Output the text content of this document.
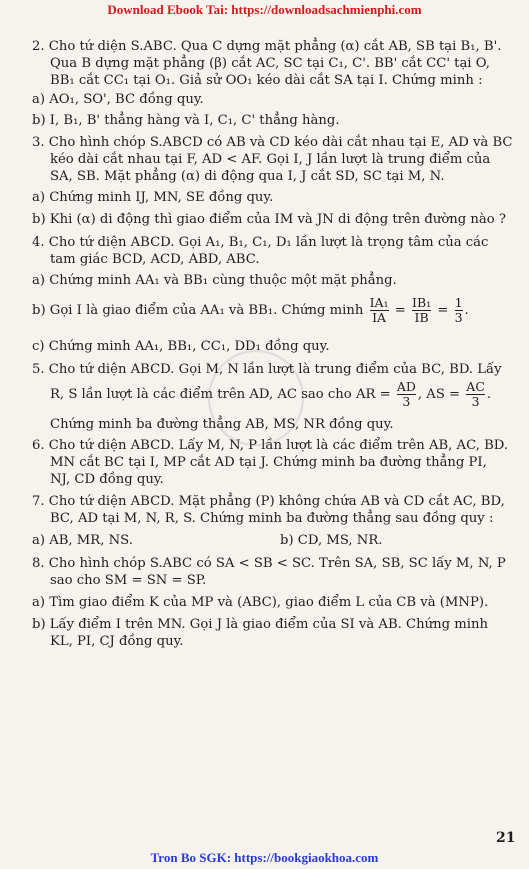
Download Ebook Tai: https://downloadsachmienphi.com
2. Cho tứ diện S.ABC. Qua C dựng mặt phẳng (α) cắt AB, SB tại B₁, B'.
Qua B dựng mặt phẳng (β) cắt AC, SC tại C₁, C'. BB' cắt CC' tại O,
BB₁ cắt CC₁ tại O₁. Giả sử OO₁ kéo dài cắt SA tại I. Chứng minh :
a) AO₁, SO', BC đồng quy.
b) I, B₁, B' thẳng hàng và I, C₁, C' thẳng hàng.
3. Cho hình chóp S.ABCD có AB và CD kéo dài cắt nhau tại E, AD và BC
kéo dài cắt nhau tại F, AD < AF. Gọi I, J lần lượt là trung điểm của
SA, SB. Mặt phẳng (α) di động qua I, J cắt SD, SC tại M, N.
a) Chứng minh IJ, MN, SE đồng quy.
b) Khi (α) di động thì giao điểm của IM và JN di động trên đường nào ?
4. Cho tứ diện ABCD. Gọi A₁, B₁, C₁, D₁ lần lượt là trọng tâm của các
tam giác BCD, ACD, ABD, ABC.
a) Chứng minh AA₁ và BB₁ cùng thuộc một mặt phẳng.
b) Gọi I là giao điểm của AA₁ và BB₁. Chứng minh $\frac{\text{IA₁}}{IA} = \frac{\text{IB₁}}{IB} = \frac{1}{3}$ .
c) Chứng minh AA₁, BB₁, CC₁, DD₁ đồng quy.
5. Cho tứ diện ABCD. Gọi M, N lần lượt là trung điểm của BC, BD. Lấy
R, S lần lượt là các điểm trên AD, AC sao cho AR = $\frac{AD}{3}$ , AS = $\frac{AC}{3}$ .
Chứng minh ba đường thẳng AB, MS, NR đồng quy.
6. Cho tứ diện ABCD. Lấy M, N, P lần lượt là các điểm trên AB, AC, BD.
MN cắt BC tại I, MP cắt AD tại J. Chứng minh ba đường thẳng PI,
NJ, CD đồng quy.
7. Cho tứ diện ABCD. Mặt phẳng (P) không chứa AB và CD cắt AC, BD,
BC, AD tại M, N, R, S. Chứng minh ba đường thẳng sau đồng quy :
a) AB, MR, NS.	b) CD, MS, NR.
8. Cho hình chóp S.ABC có SA < SB < SC. Trên SA, SB, SC lấy M, N, P
sao cho SM = SN = SP.
a) Tìm giao điểm K của MP và (ABC), giao điểm L của CB và (MNP).
b) Lấy điểm I trên MN. Gọi J là giao điểm của SI và AB. Chứng minh
KL, PI, CJ đồng quy.
21
Tron Bo SGK: https://bookgiaokhoa.com
